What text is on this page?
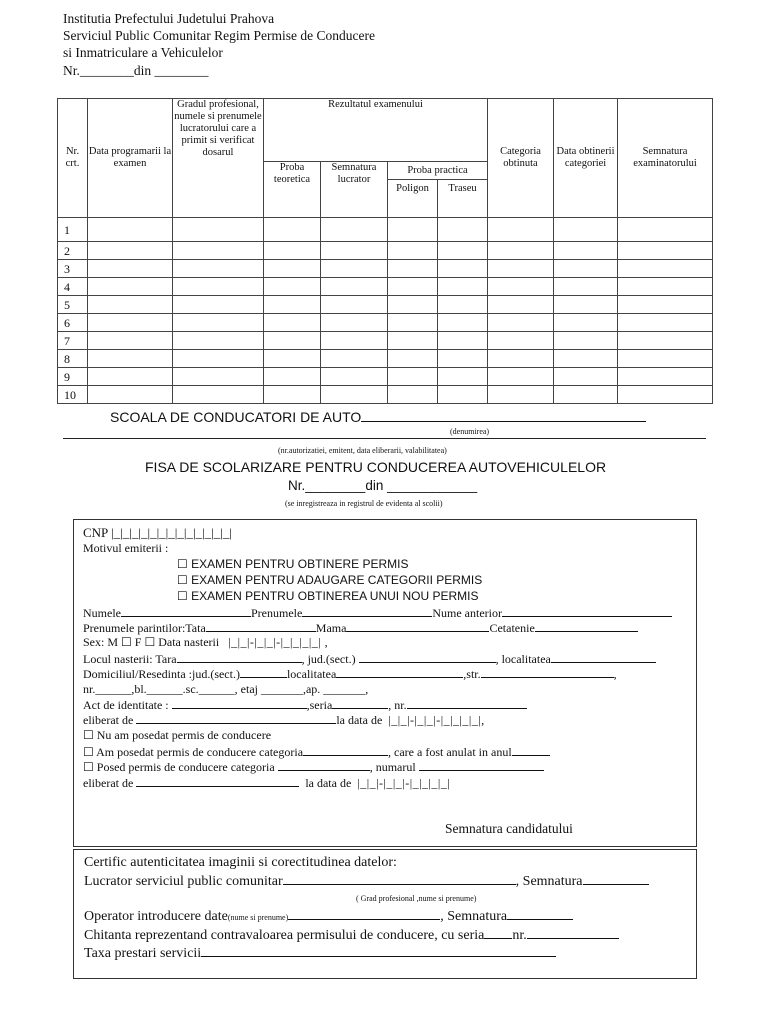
Institutia Prefectului Judetului Prahova
Serviciul Public Comunitar Regim Permise de Conducere
si Inmatriculare a Vehiculelor
Nr.________din ________
Nr. crt.	Data programarii la examen	Gradul profesional, numele si prenumele lucratorului care a primit si verificat dosarul	Rezultatul examenului				Categoria obtinuta	Data obtinerii categoriei	Semnatura examinatorului
			Proba teoretica	Semnatura lucrator	Proba practica				
					Poligon	Traseu			
1									
2									
3									
4									
5									
6									
7									
8									
9									
10									
SCOALA DE CONDUCATORI DE AUTO
(denumirea)
(nr.autorizatiei, emitent, data eliberarii, valabilitatea)
FISA DE SCOLARIZARE PENTRU CONDUCEREA AUTOVEHICULELOR
Nr.________din ____________
(se inregistreaza in registrul de evidenta al scolii)
CNP |_|_|_|_|_|_|_|_|_|_|_|_|_|
Motivul emiterii :
☐ EXAMEN PENTRU OBTINERE PERMIS
☐ EXAMEN PENTRU ADAUGARE CATEGORII PERMIS
☐ EXAMEN PENTRU OBTINEREA UNUI NOU PERMIS
Numele	Prenumele	Nume anterior
Prenumele parintilor:Tata	Mama	Cetatenie
Sex: M ☐ F ☐ Data nasterii |_|_|-|_|_|-|_|_|_|_| ,
Locul nasterii: Tara	, jud.(sect.)	, localitatea
Domiciliul/Resedinta :jud.(sect.)	localitatea	,str.	,
nr.______,bl.______.sc.______, etaj _______,ap. _______,
Act de identitate :	,seria	, nr.
eliberat de	la data de |_|_|-|_|_|-|_|_|_|_|,
☐ Nu am posedat permis de conducere
☐ Am posedat permis de conducere categoria	, care a fost anulat in anul
☐ Posed permis de conducere categoria	, numarul
eliberat de	la data de |_|_|-|_|_|-|_|_|_|_|
Semnatura candidatului
Certific autenticitatea imaginii si corectitudinea datelor:
Lucrator serviciul public comunitar	, Semnatura
( Grad profesional ,nume si prenume)
Operator introducere date(nume si prenume)	, Semnatura
Chitanta reprezentand contravaloarea permisului de conducere, cu seria nr.
Taxa prestari servicii
